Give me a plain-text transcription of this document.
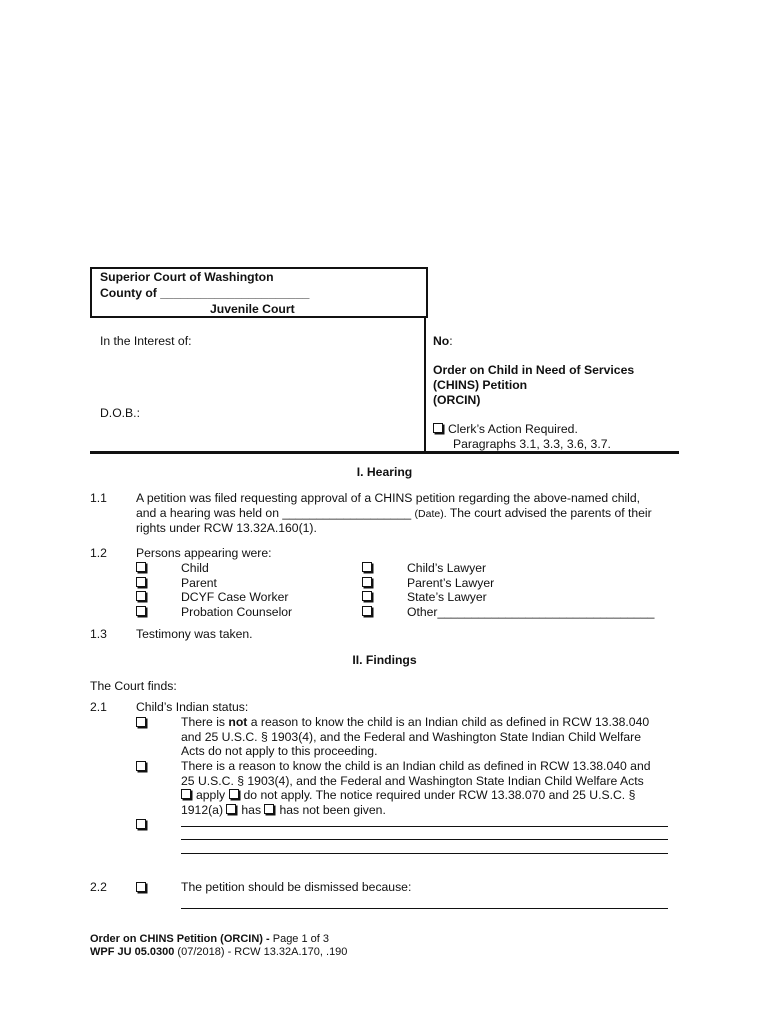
Superior Court of Washington
County of ______________________
Juvenile Court
In the Interest of:
D.O.B.:
No:
Order on Child in Need of Services
(CHINS) Petition
(ORCIN)
Clerk’s Action Required.
Paragraphs 3.1, 3.3, 3.6, 3.7.
I. Hearing
1.1 A petition was filed requesting approval of a CHINS petition regarding the above-named child,
and a hearing was held on ___________________ (Date). The court advised the parents of their
rights under RCW 13.32A.160(1).
1.2 Persons appearing were:
Child
Parent
DCYF Case Worker
Probation Counselor
Child’s Lawyer
Parent’s Lawyer
State’s Lawyer
Other________________________________
1.3 Testimony was taken.
II. Findings
The Court finds:
2.1 Child’s Indian status:
There is not a reason to know the child is an Indian child as defined in RCW 13.38.040
and 25 U.S.C. § 1903(4), and the Federal and Washington State Indian Child Welfare
Acts do not apply to this proceeding.
There is a reason to know the child is an Indian child as defined in RCW 13.38.040 and
25 U.S.C. § 1903(4), and the Federal and Washington State Indian Child Welfare Acts
apply do not apply. The notice required under RCW 13.38.070 and 25 U.S.C. §
1912(a) has has not been given.
2.2	The petition should be dismissed because:
Order on CHINS Petition (ORCIN) - Page 1 of 3
WPF JU 05.0300 (07/2018) - RCW 13.32A.170, .190
